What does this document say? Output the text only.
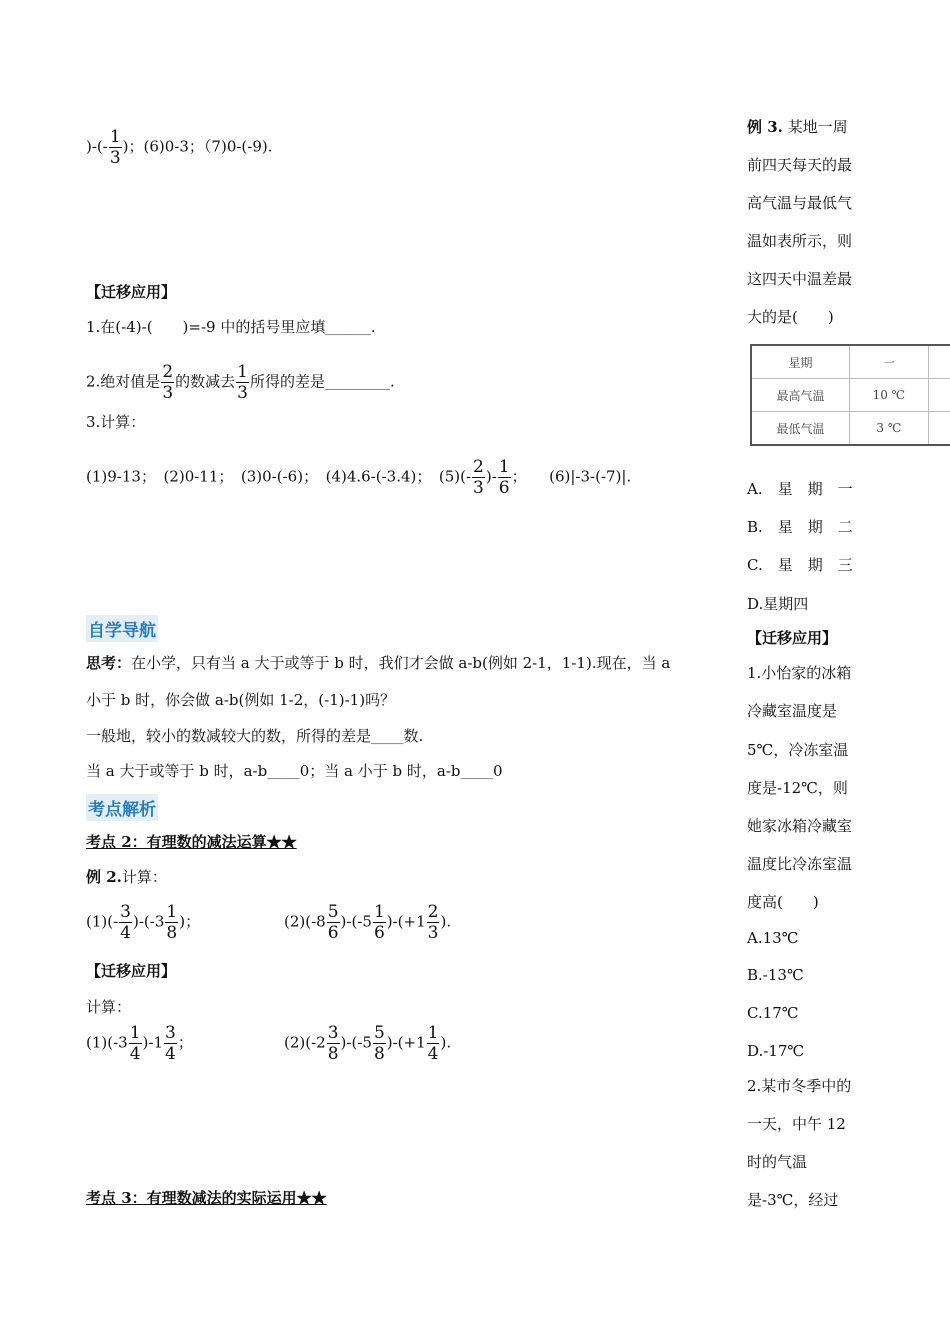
)-(- $\frac{1}{3}$ )；(6)0-3；（7)0-(-9).
【迁移应用】
1.在(-4)-(　　)=-9 中的括号里应填_______.
2.绝对值是 $\frac{2}{3}$ 的数减去 $\frac{1}{3}$ 所得的差是__________.
3.计算：
(1)9-13；　(2)0-11；　(3)0-(-6)；　(4)4.6-(-3.4)；　$(5)(- \frac{2}{3}$ )- $\frac{1}{6}$ ；　　(6)|-3-(-7)|.
自学导航
思考：在小学，只有当 a 大于或等于 b 时，我们才会做 a-b(例如 2-1，1-1).现在，当 a
小于 b 时，你会做 a-b(例如 1-2，(-1)-1)吗？
一般地，较小的数减较大的数，所得的差是_____数.
当 a 大于或等于 b 时，a-b_____0；当 a 小于 b 时，a-b_____0
考点解析
考点 2：有理数的减法运算★★
例 2.计算：
$(1)(- \frac{3}{4} )-(-3 \frac{1}{8}$ )；	$(2)(-8 \frac{5}{6} )-(-5 \frac{1}{6} )-(+1 \frac{2}{3}$ ).
【迁移应用】
计算：
$(1)(-3 \frac{1}{4} )-1 \frac{3}{4}$ ；	$(2)(-2 \frac{3}{8} )-(-5 \frac{5}{8} )-(+1 \frac{1}{4}$ ).
考点 3：有理数减法的实际运用★★
例 3. 某地一周
前四天每天的最
高气温与最低气
温如表所示，则
这四天中温差最
大的是(　　)
星期	一	
最高气温	10 ℃	
最低气温	3 ℃	
A.　星　期　一
B.　星　期　二
C.　星　期　三
D.星期四
【迁移应用】
1.小怡家的冰箱
冷藏室温度是
5℃，冷冻室温
度是-12℃，则
她家冰箱冷藏室
温度比冷冻室温
度高(　　)
A.13℃
B.-13℃
C.17℃
D.-17℃
2.某市冬季中的
一天，中午 12
时的气温
是-3℃，经过
